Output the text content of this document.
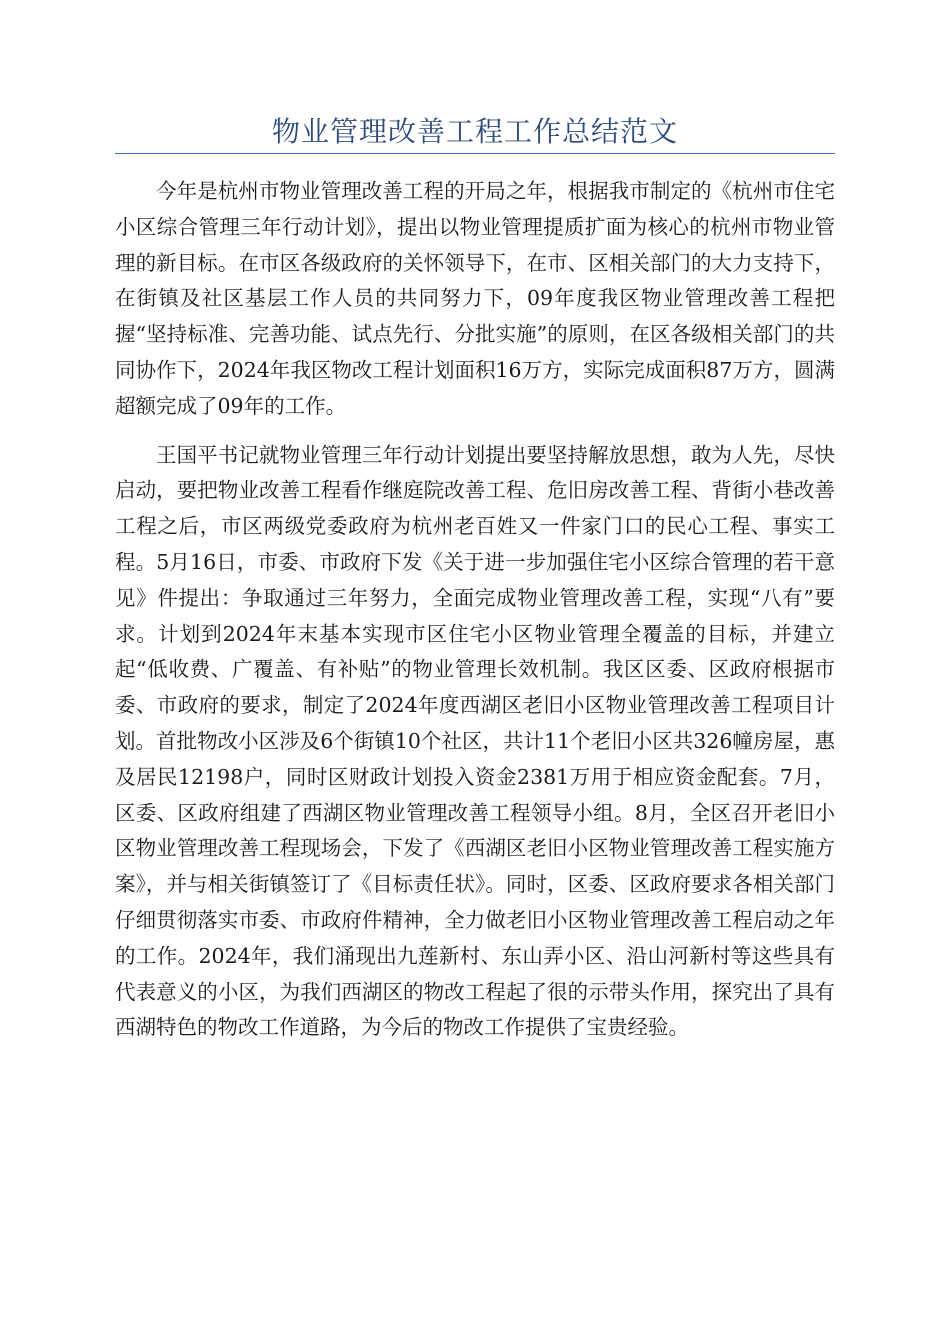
物业管理改善工程工作总结范文

今年是杭州市物业管理改善工程的开局之年，根据我市制定的《杭州市住宅小区综合管理三年行动计划》，提出以物业管理提质扩面为核心的杭州市物业管理的新目标。在市区各级政府的关怀领导下，在市、区相关部门的大力支持下，在街镇及社区基层工作人员的共同努力下，09年度我区物业管理改善工程把握“坚持标准、完善功能、试点先行、分批实施”的原则，在区各级相关部门的共同协作下，2024年我区物改工程计划面积16万方，实际完成面积87万方，圆满超额完成了09年的工作。

王国平书记就物业管理三年行动计划提出要坚持解放思想，敢为人先，尽快启动，要把物业改善工程看作继庭院改善工程、危旧房改善工程、背街小巷改善工程之后，市区两级党委政府为杭州老百姓又一件家门口的民心工程、事实工程。5月16日，市委、市政府下发《关于进一步加强住宅小区综合管理的若干意见》件提出：争取通过三年努力，全面完成物业管理改善工程，实现“八有”要求。计划到2024年末基本实现市区住宅小区物业管理全覆盖的目标，并建立起“低收费、广覆盖、有补贴”的物业管理长效机制。我区区委、区政府根据市委、市政府的要求，制定了2024年度西湖区老旧小区物业管理改善工程项目计划。首批物改小区涉及6个街镇10个社区，共计11个老旧小区共326幢房屋，惠及居民12198户，同时区财政计划投入资金2381万用于相应资金配套。7月，区委、区政府组建了西湖区物业管理改善工程领导小组。8月，全区召开老旧小区物业管理改善工程现场会，下发了《西湖区老旧小区物业管理改善工程实施方案》，并与相关街镇签订了《目标责任状》。同时，区委、区政府要求各相关部门仔细贯彻落实市委、市政府件精神，全力做老旧小区物业管理改善工程启动之年的工作。2024年，我们涌现出九莲新村、东山弄小区、沿山河新村等这些具有代表意义的小区，为我们西湖区的物改工程起了很的示带头作用，探究出了具有西湖特色的物改工作道路，为今后的物改工作提供了宝贵经验。
